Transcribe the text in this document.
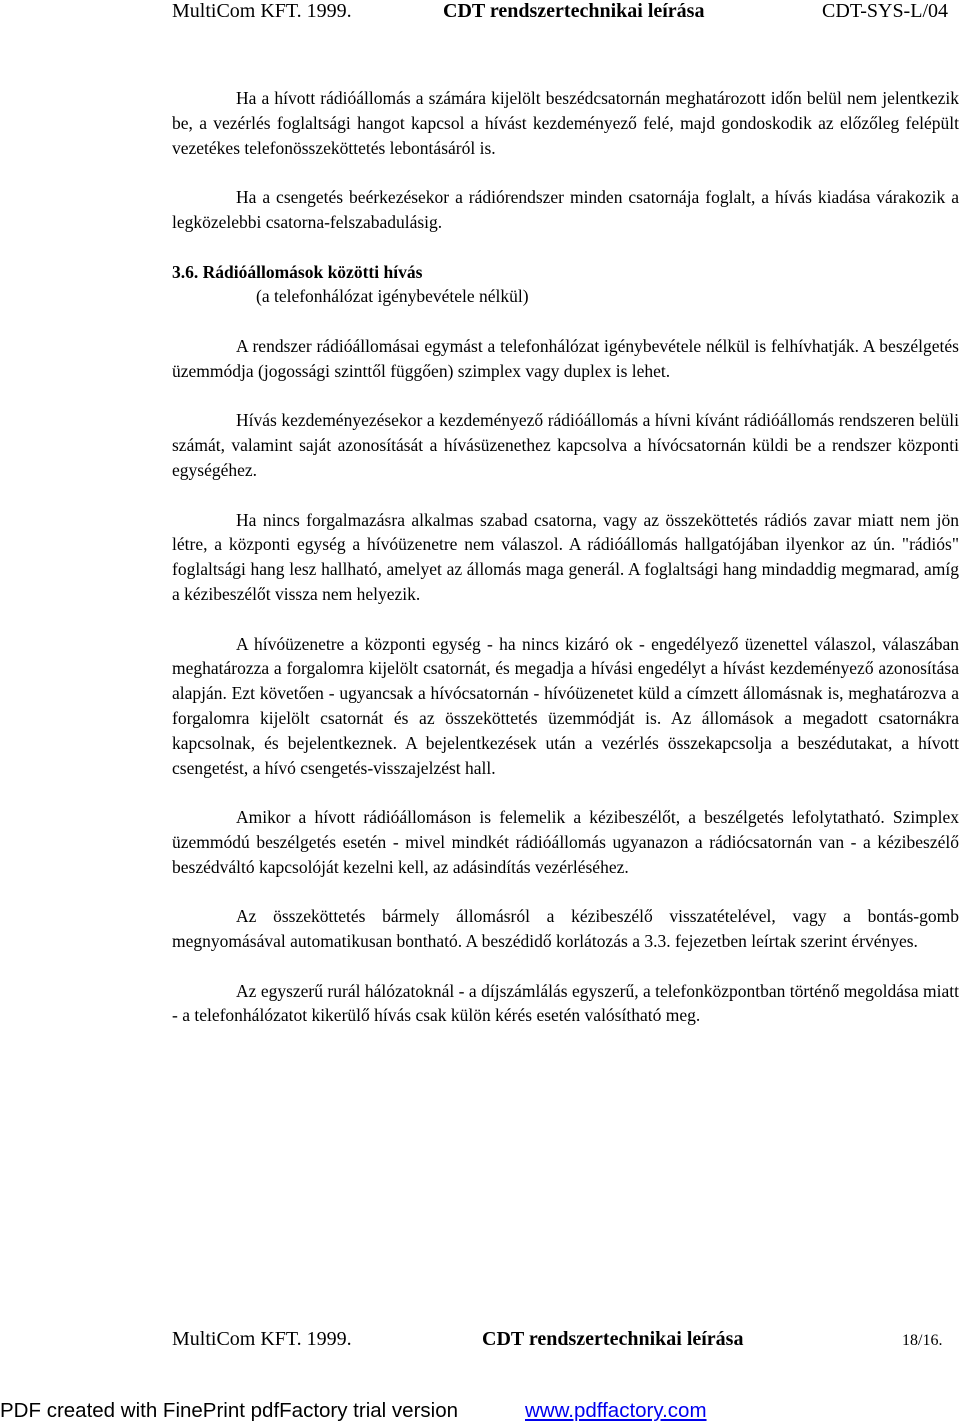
MultiCom KFT. 1999.	CDT rendszertechnikai leírása	CDT-SYS-L/04

Ha a hívott rádióállomás a számára kijelölt beszédcsatornán meghatározott időn belül nem jelentkezik be, a vezérlés foglaltsági hangot kapcsol a hívást kezdeményező felé, majd gondoskodik az előzőleg felépült vezetékes telefonösszeköttetés lebontásáról is.

Ha a csengetés beérkezésekor a rádiórendszer minden csatornája foglalt, a hívás kiadása várakozik a legközelebbi csatorna-felszabadulásig.

3.6. Rádióállomások közötti hívás
(a telefonhálózat igénybevétele nélkül)

A rendszer rádióállomásai egymást a telefonhálózat igénybevétele nélkül is felhívhatják. A beszélgetés üzemmódja (jogossági szinttől függően) szimplex vagy duplex is lehet.

Hívás kezdeményezésekor a kezdeményező rádióállomás a hívni kívánt rádióállomás rendszeren belüli számát, valamint saját azonosítását a hívásüzenethez kapcsolva a hívócsatornán küldi be a rendszer központi egységéhez.

Ha nincs forgalmazásra alkalmas szabad csatorna, vagy az összeköttetés rádiós zavar miatt nem jön létre, a központi egység a hívóüzenetre nem válaszol. A rádióállomás hallgatójában ilyenkor az ún. "rádiós" foglaltsági hang lesz hallható, amelyet az állomás maga generál. A foglaltsági hang mindaddig megmarad, amíg a kézibeszélőt vissza nem helyezik.

A hívóüzenetre a központi egység - ha nincs kizáró ok - engedélyező üzenettel válaszol, válaszában meghatározza a forgalomra kijelölt csatornát, és megadja a hívási engedélyt a hívást kezdeményező azonosítása alapján. Ezt követően - ugyancsak a hívócsatornán - hívóüzenetet küld a címzett állomásnak is, meghatározva a forgalomra kijelölt csatornát és az összeköttetés üzemmódját is. Az állomások a megadott csatornákra kapcsolnak, és bejelentkeznek. A bejelentkezések után a vezérlés összekapcsolja a beszédutakat, a hívott csengetést, a hívó csengetés-visszajelzést hall.

Amikor a hívott rádióállomáson is felemelik a kézibeszélőt, a beszélgetés lefolytatható. Szimplex üzemmódú beszélgetés esetén - mivel mindkét rádióállomás ugyanazon a rádiócsatornán van - a kézibeszélő beszédváltó kapcsolóját kezelni kell, az adásindítás vezérléséhez.

Az összeköttetés bármely állomásról a kézibeszélő visszatételével, vagy a bontás-gomb megnyomásával automatikusan bontható. A beszédidő korlátozás a 3.3. fejezetben leírtak szerint érvényes.

Az egyszerű rurál hálózatoknál - a díjszámlálás egyszerű, a telefonközpontban történő megoldása miatt - a telefonhálózatot kikerülő hívás csak külön kérés esetén valósítható meg.

MultiCom KFT. 1999.	CDT rendszertechnikai leírása	18/16.
PDF created with FinePrint pdfFactory trial version	www.pdffactory.com
